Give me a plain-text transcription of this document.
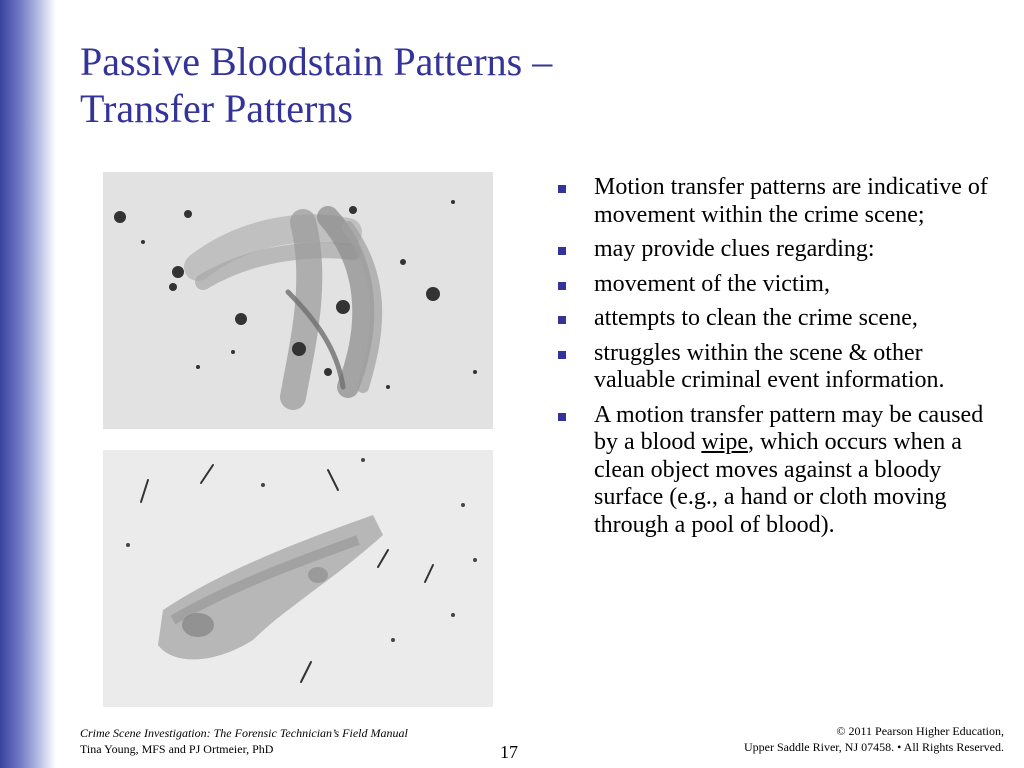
Passive Bloodstain Patterns –
Transfer Patterns
Motion transfer patterns are indicative of movement within the crime scene;
may provide clues regarding:
movement of the victim,
attempts to clean the crime scene,
struggles within the scene & other valuable criminal event information.
A motion transfer pattern may be caused by a blood wipe, which occurs when a clean object moves against a bloody surface (e.g., a hand or cloth moving through a pool of blood).
Crime Scene Investigation: The Forensic Technician’s Field Manual
Tina Young, MFS and PJ Ortmeier, PhD	17
© 2011 Pearson Higher Education,
Upper Saddle River, NJ 07458. • All Rights Reserved.
